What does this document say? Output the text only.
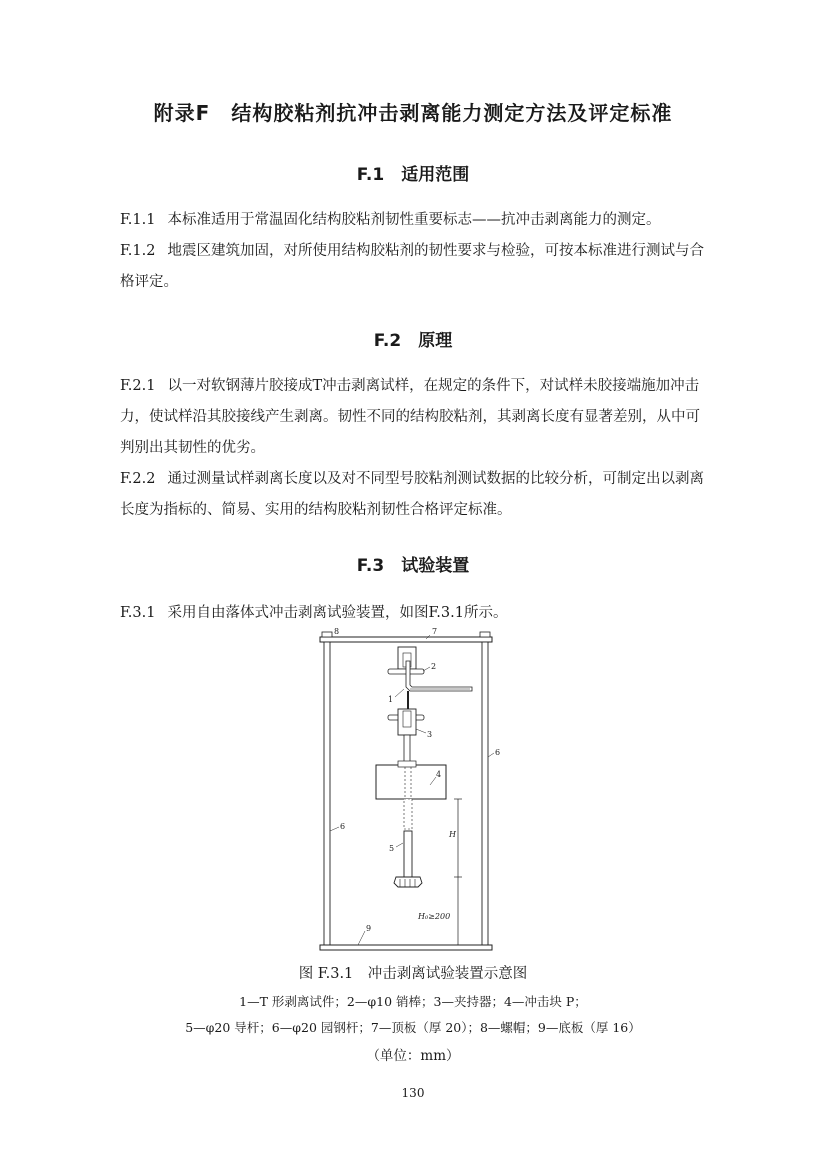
附录F　结构胶粘剂抗冲击剥离能力测定方法及评定标准
F.1　适用范围
F.1.1 本标准适用于常温固化结构胶粘剂韧性重要标志——抗冲击剥离能力的测定。
F.1.2 地震区建筑加固，对所使用结构胶粘剂的韧性要求与检验，可按本标准进行测试与合格评定。
F.2　原理
F.2.1 以一对软钢薄片胶接成T冲击剥离试样，在规定的条件下，对试样未胶接端施加冲击力，使试样沿其胶接线产生剥离。韧性不同的结构胶粘剂，其剥离长度有显著差别，从中可判别出其韧性的优劣。
F.2.2 通过测量试样剥离长度以及对不同型号胶粘剂测试数据的比较分析，可制定出以剥离长度为指标的、简易、实用的结构胶粘剂韧性合格评定标准。
F.3　试验装置
F.3.1 采用自由落体式冲击剥离试验装置，如图F.3.1所示。
1
2
3
4
5
6
6
7
8
9
H
H₀≥200
图 F.3.1　冲击剥离试验装置示意图
1—T 形剥离试件；2—φ10 销棒；3—夹持器；4—冲击块 P；
5—φ20 导杆；6—φ20 园钢杆；7—顶板（厚 20）；8—螺帽；9—底板（厚 16）
（单位：mm）
130
